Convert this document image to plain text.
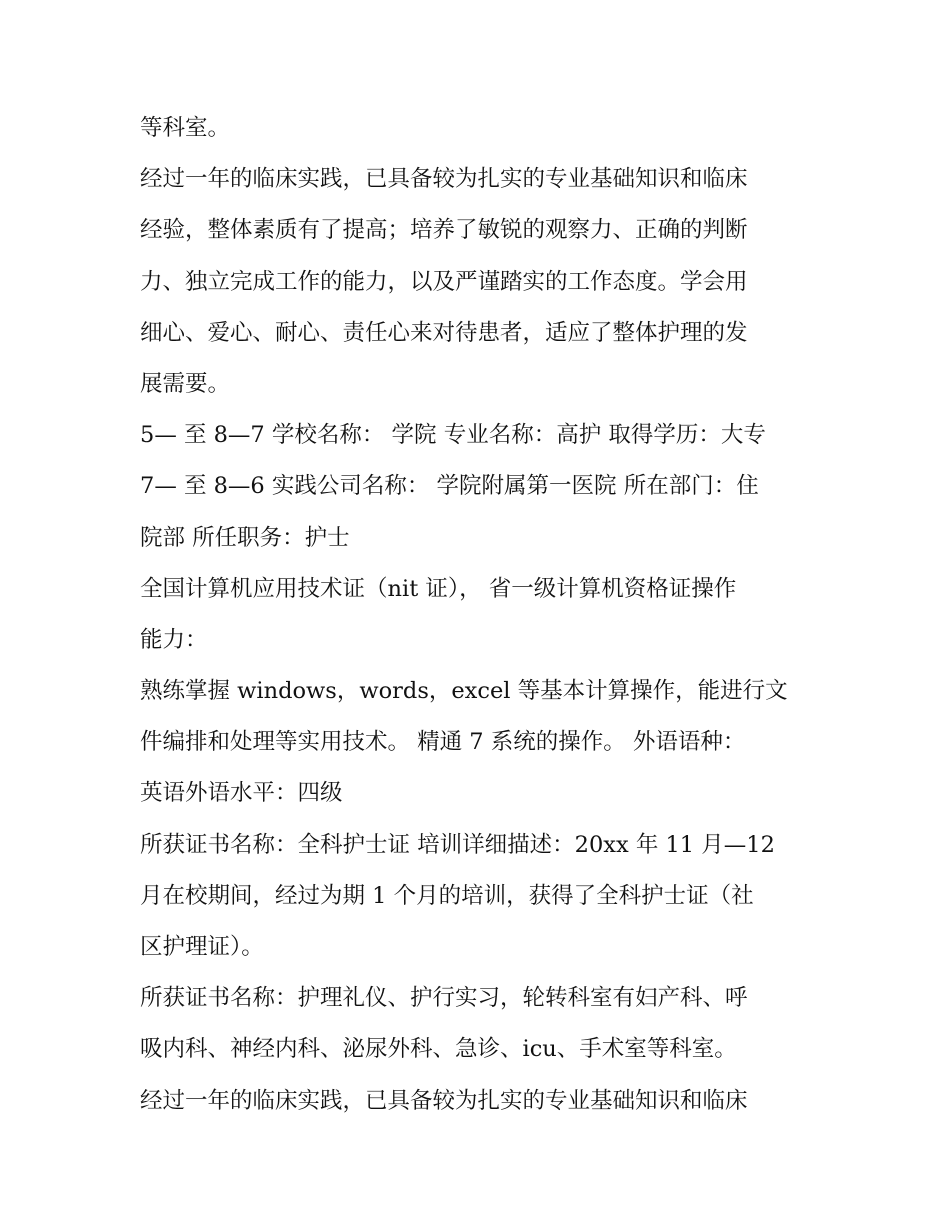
等科室。
经过一年的临床实践，已具备较为扎实的专业基础知识和临床
经验，整体素质有了提高；培养了敏锐的观察力、正确的判断
力、独立完成工作的能力，以及严谨踏实的工作态度。学会用
细心、爱心、耐心、责任心来对待患者，适应了整体护理的发
展需要。
5— 至 8—7 学校名称： 学院 专业名称：高护 取得学历：大专
7— 至 8—6 实践公司名称： 学院附属第一医院 所在部门：住
院部 所任职务：护士
全国计算机应用技术证（nit 证）， 省一级计算机资格证操作
能力：
熟练掌握 windows，words，excel 等基本计算操作，能进行文
件编排和处理等实用技术。 精通 7 系统的操作。 外语语种：
英语外语水平：四级
所获证书名称：全科护士证 培训详细描述：20xx 年 11 月—12
月在校期间，经过为期 1 个月的培训，获得了全科护士证（社
区护理证）。
所获证书名称：护理礼仪、护行实习，轮转科室有妇产科、呼
吸内科、神经内科、泌尿外科、急诊、icu、手术室等科室。
经过一年的临床实践，已具备较为扎实的专业基础知识和临床
